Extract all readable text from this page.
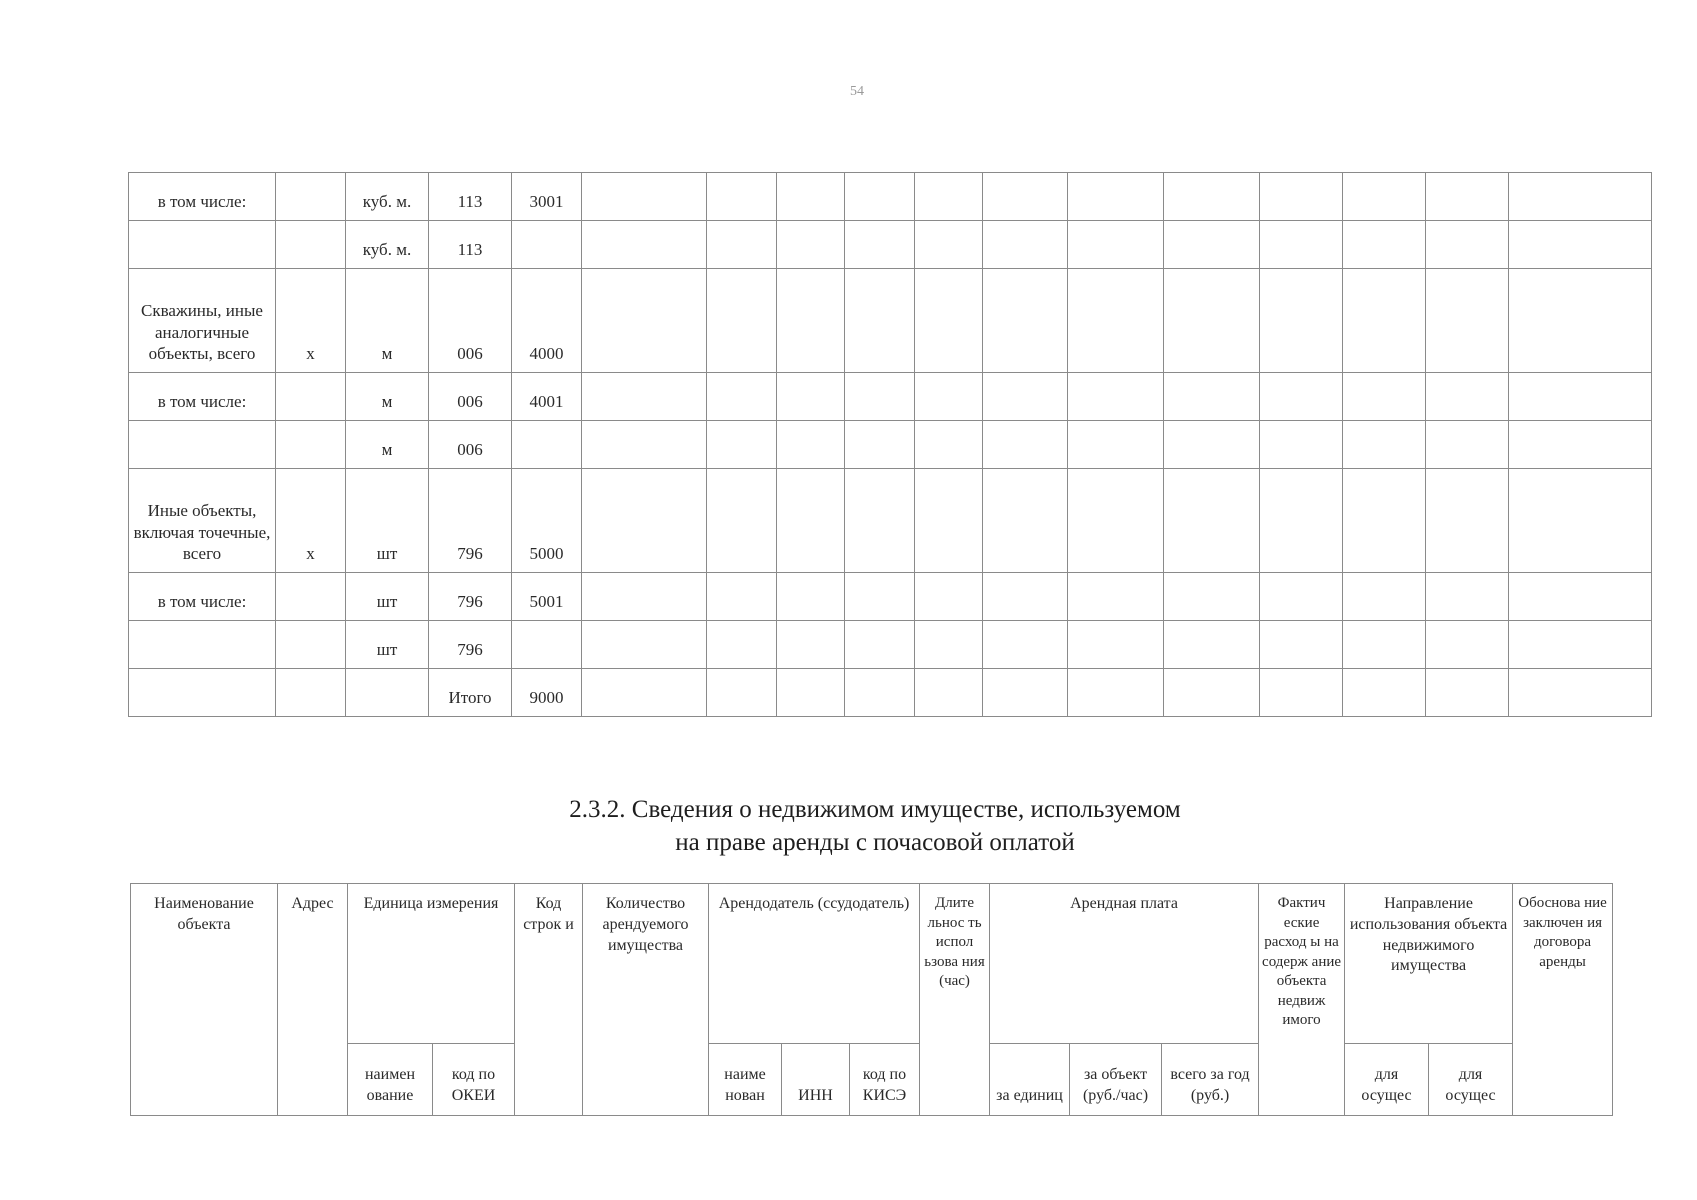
54
в том числе:		куб. м.	113	3001												
		куб. м.	113													
Скважины, иные аналогичные объекты, всего	х	м	006	4000												
в том числе:		м	006	4001												
		м	006													
Иные объекты, включая точечные, всего	х	шт	796	5000												
в том числе:		шт	796	5001												
		шт	796													
			Итого	9000												
2.3.2. Сведения о недвижимом имуществе, используемом
на праве аренды с почасовой оплатой
Наименование объекта	Адрес	Единица измерения		Код строк и	Количество арендуемого имущества	Арендодатель (ссудодатель)			Длите льнос ть испол ьзова ния (час)	Арендная плата			Фактич еские расход ы на содерж ание объекта недвиж имого	Направление использования объекта недвижимого имущества		Обоснова ние заключен ия договора аренды
		наимен ование	код по ОКЕИ			наиме нован	ИНН	код по КИСЭ		за единиц	за объект (руб./час)	всего за год (руб.)		для осущес	для осущес	
